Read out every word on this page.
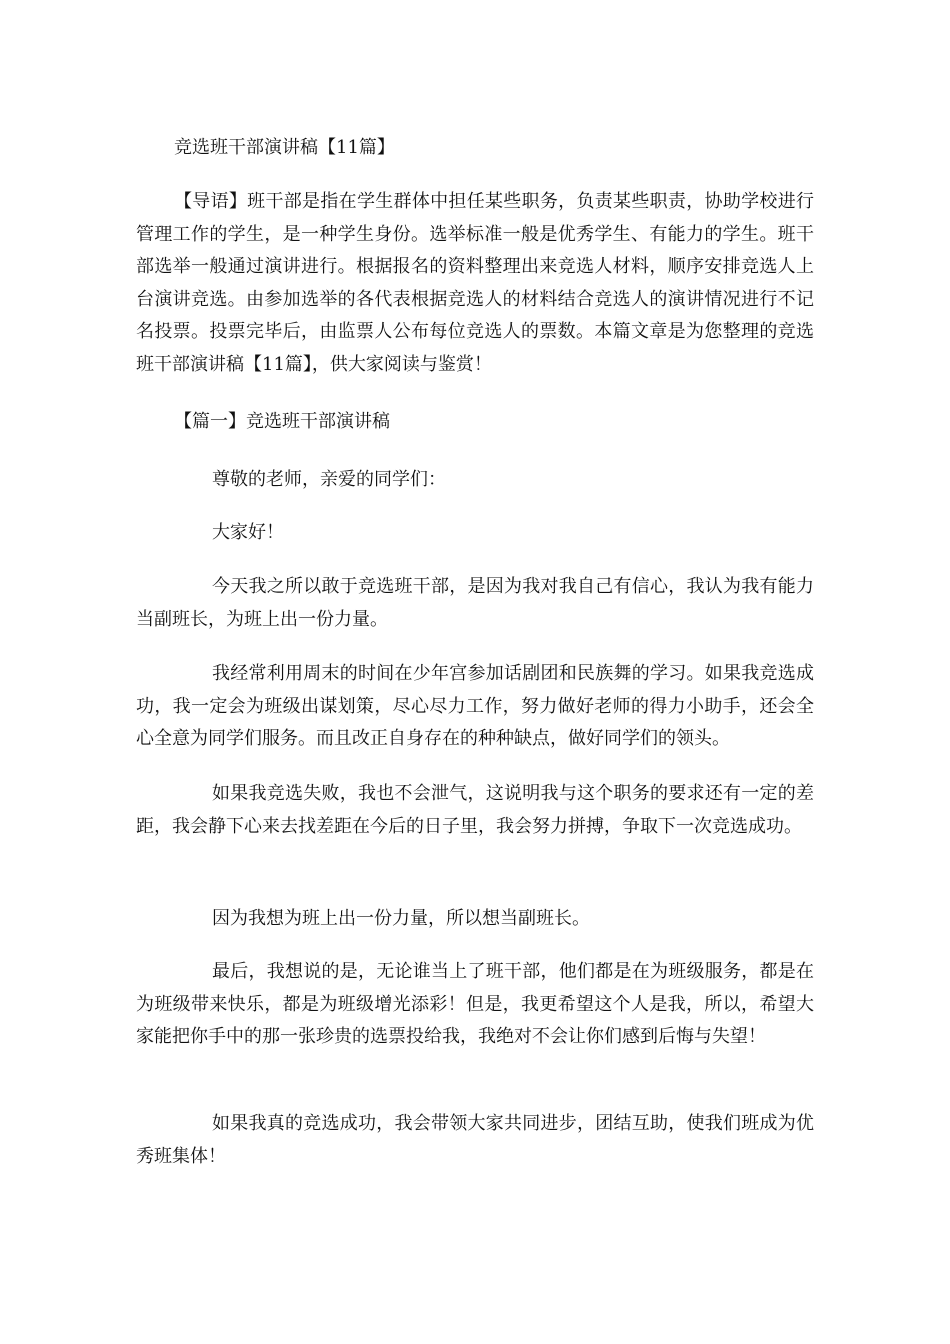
竞选班干部演讲稿【11篇】

【导语】班干部是指在学生群体中担任某些职务，负责某些职责，协助学校进行管理工作的学生，是一种学生身份。选举标准一般是优秀学生、有能力的学生。班干部选举一般通过演讲进行。根据报名的资料整理出来竞选人材料，顺序安排竞选人上台演讲竞选。由参加选举的各代表根据竞选人的材料结合竞选人的演讲情况进行不记名投票。投票完毕后，由监票人公布每位竞选人的票数。本篇文章是为您整理的竞选班干部演讲稿【11篇】，供大家阅读与鉴赏！

【篇一】竞选班干部演讲稿

尊敬的老师，亲爱的同学们：

大家好！

今天我之所以敢于竞选班干部，是因为我对我自己有信心，我认为我有能力当副班长，为班上出一份力量。

我经常利用周末的时间在少年宫参加话剧团和民族舞的学习。如果我竞选成功，我一定会为班级出谋划策，尽心尽力工作，努力做好老师的得力小助手，还会全心全意为同学们服务。而且改正自身存在的种种缺点，做好同学们的领头。

如果我竞选失败，我也不会泄气，这说明我与这个职务的要求还有一定的差距，我会静下心来去找差距在今后的日子里，我会努力拼搏，争取下一次竞选成功。

因为我想为班上出一份力量，所以想当副班长。

最后，我想说的是，无论谁当上了班干部，他们都是在为班级服务，都是在为班级带来快乐，都是为班级增光添彩！但是，我更希望这个人是我，所以，希望大家能把你手中的那一张珍贵的选票投给我，我绝对不会让你们感到后悔与失望！

如果我真的竞选成功，我会带领大家共同进步，团结互助，使我们班成为优秀班集体！
